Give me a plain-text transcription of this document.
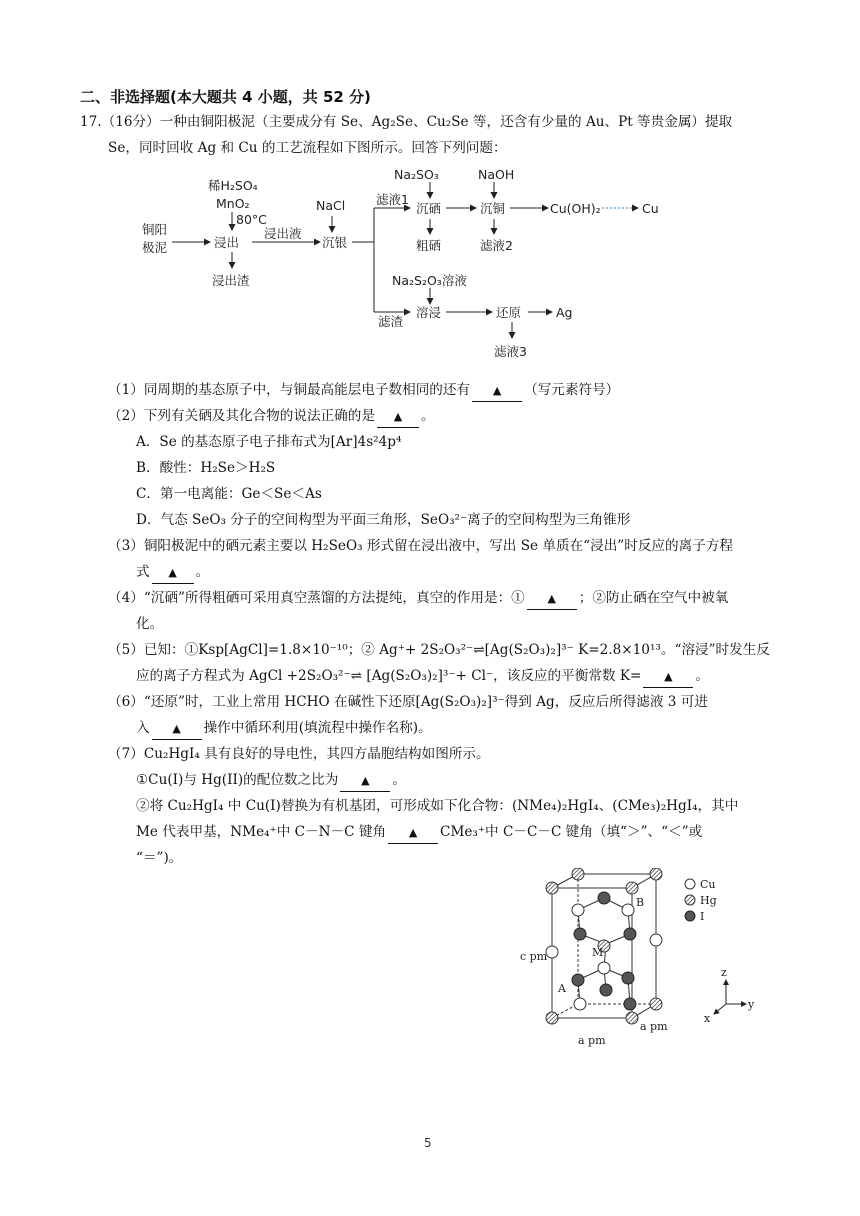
二、非选择题(本大题共 4 小题，共 52 分)
17.（16分）一种由铜阳极泥（主要成分有 Se、Ag₂Se、Cu₂Se 等，还含有少量的 Au、Pt 等贵金属）提取
Se，同时回收 Ag 和 Cu 的工艺流程如下图所示。回答下列问题：
铜阳
极泥
稀H₂SO₄
MnO₂
80°C
浸出
浸出渣
浸出液
NaCl
沉银
滤液1
Na₂SO₃
沉硒
粗硒
NaOH
沉铜
滤液2
Cu(OH)₂	Cu
Na₂S₂O₃溶液
滤渣
溶浸	还原
滤液3
Ag
（1）同周期的基态原子中，与铜最高能层电子数相同的还有 ▲ （写元素符号）
（2）下列有关硒及其化合物的说法正确的是 ▲ 。
A．Se 的基态原子电子排布式为[Ar]4s²4p⁴
B．酸性：H₂Se＞H₂S
C．第一电离能：Ge＜Se＜As
D．气态 SeO₃ 分子的空间构型为平面三角形，SeO₃²⁻离子的空间构型为三角锥形
（3）铜阳极泥中的硒元素主要以 H₂SeO₃ 形式留在浸出液中，写出 Se 单质在“浸出”时反应的离子方程
式 ▲ 。
（4）“沉硒”所得粗硒可采用真空蒸馏的方法提纯，真空的作用是：① ▲ ；②防止硒在空气中被氧
化。
（5）已知：①Ksp[AgCl]=1.8×10⁻¹⁰；② Ag⁺+ 2S₂O₃²⁻⇌[Ag(S₂O₃)₂]³⁻ K=2.8×10¹³。“溶浸”时发生反
应的离子方程式为 AgCl +2S₂O₃²⁻⇌ [Ag(S₂O₃)₂]³⁻+ Cl⁻，该反应的平衡常数 K= ▲ 。
（6）“还原”时，工业上常用 HCHO 在碱性下还原[Ag(S₂O₃)₂]³⁻得到 Ag，反应后所得滤液 3 可进
入 ▲ 操作中循环利用(填流程中操作名称)。
（7）Cu₂HgI₄ 具有良好的导电性，其四方晶胞结构如图所示。
①Cu(I)与 Hg(II)的配位数之比为 ▲ 。
②将 Cu₂HgI₄ 中 Cu(I)替换为有机基团，可形成如下化合物：(NMe₄)₂HgI₄、(CMe₃)₂HgI₄，其中
Me 代表甲基，NMe₄⁺中 C－N－C 键角 ▲ CMe₃⁺中 C－C－C 键角（填“＞”、“＜”或
“＝”)。
B
M
A
c pm
a pm
a pm
Cu
Hg
I
z
y
x
5
